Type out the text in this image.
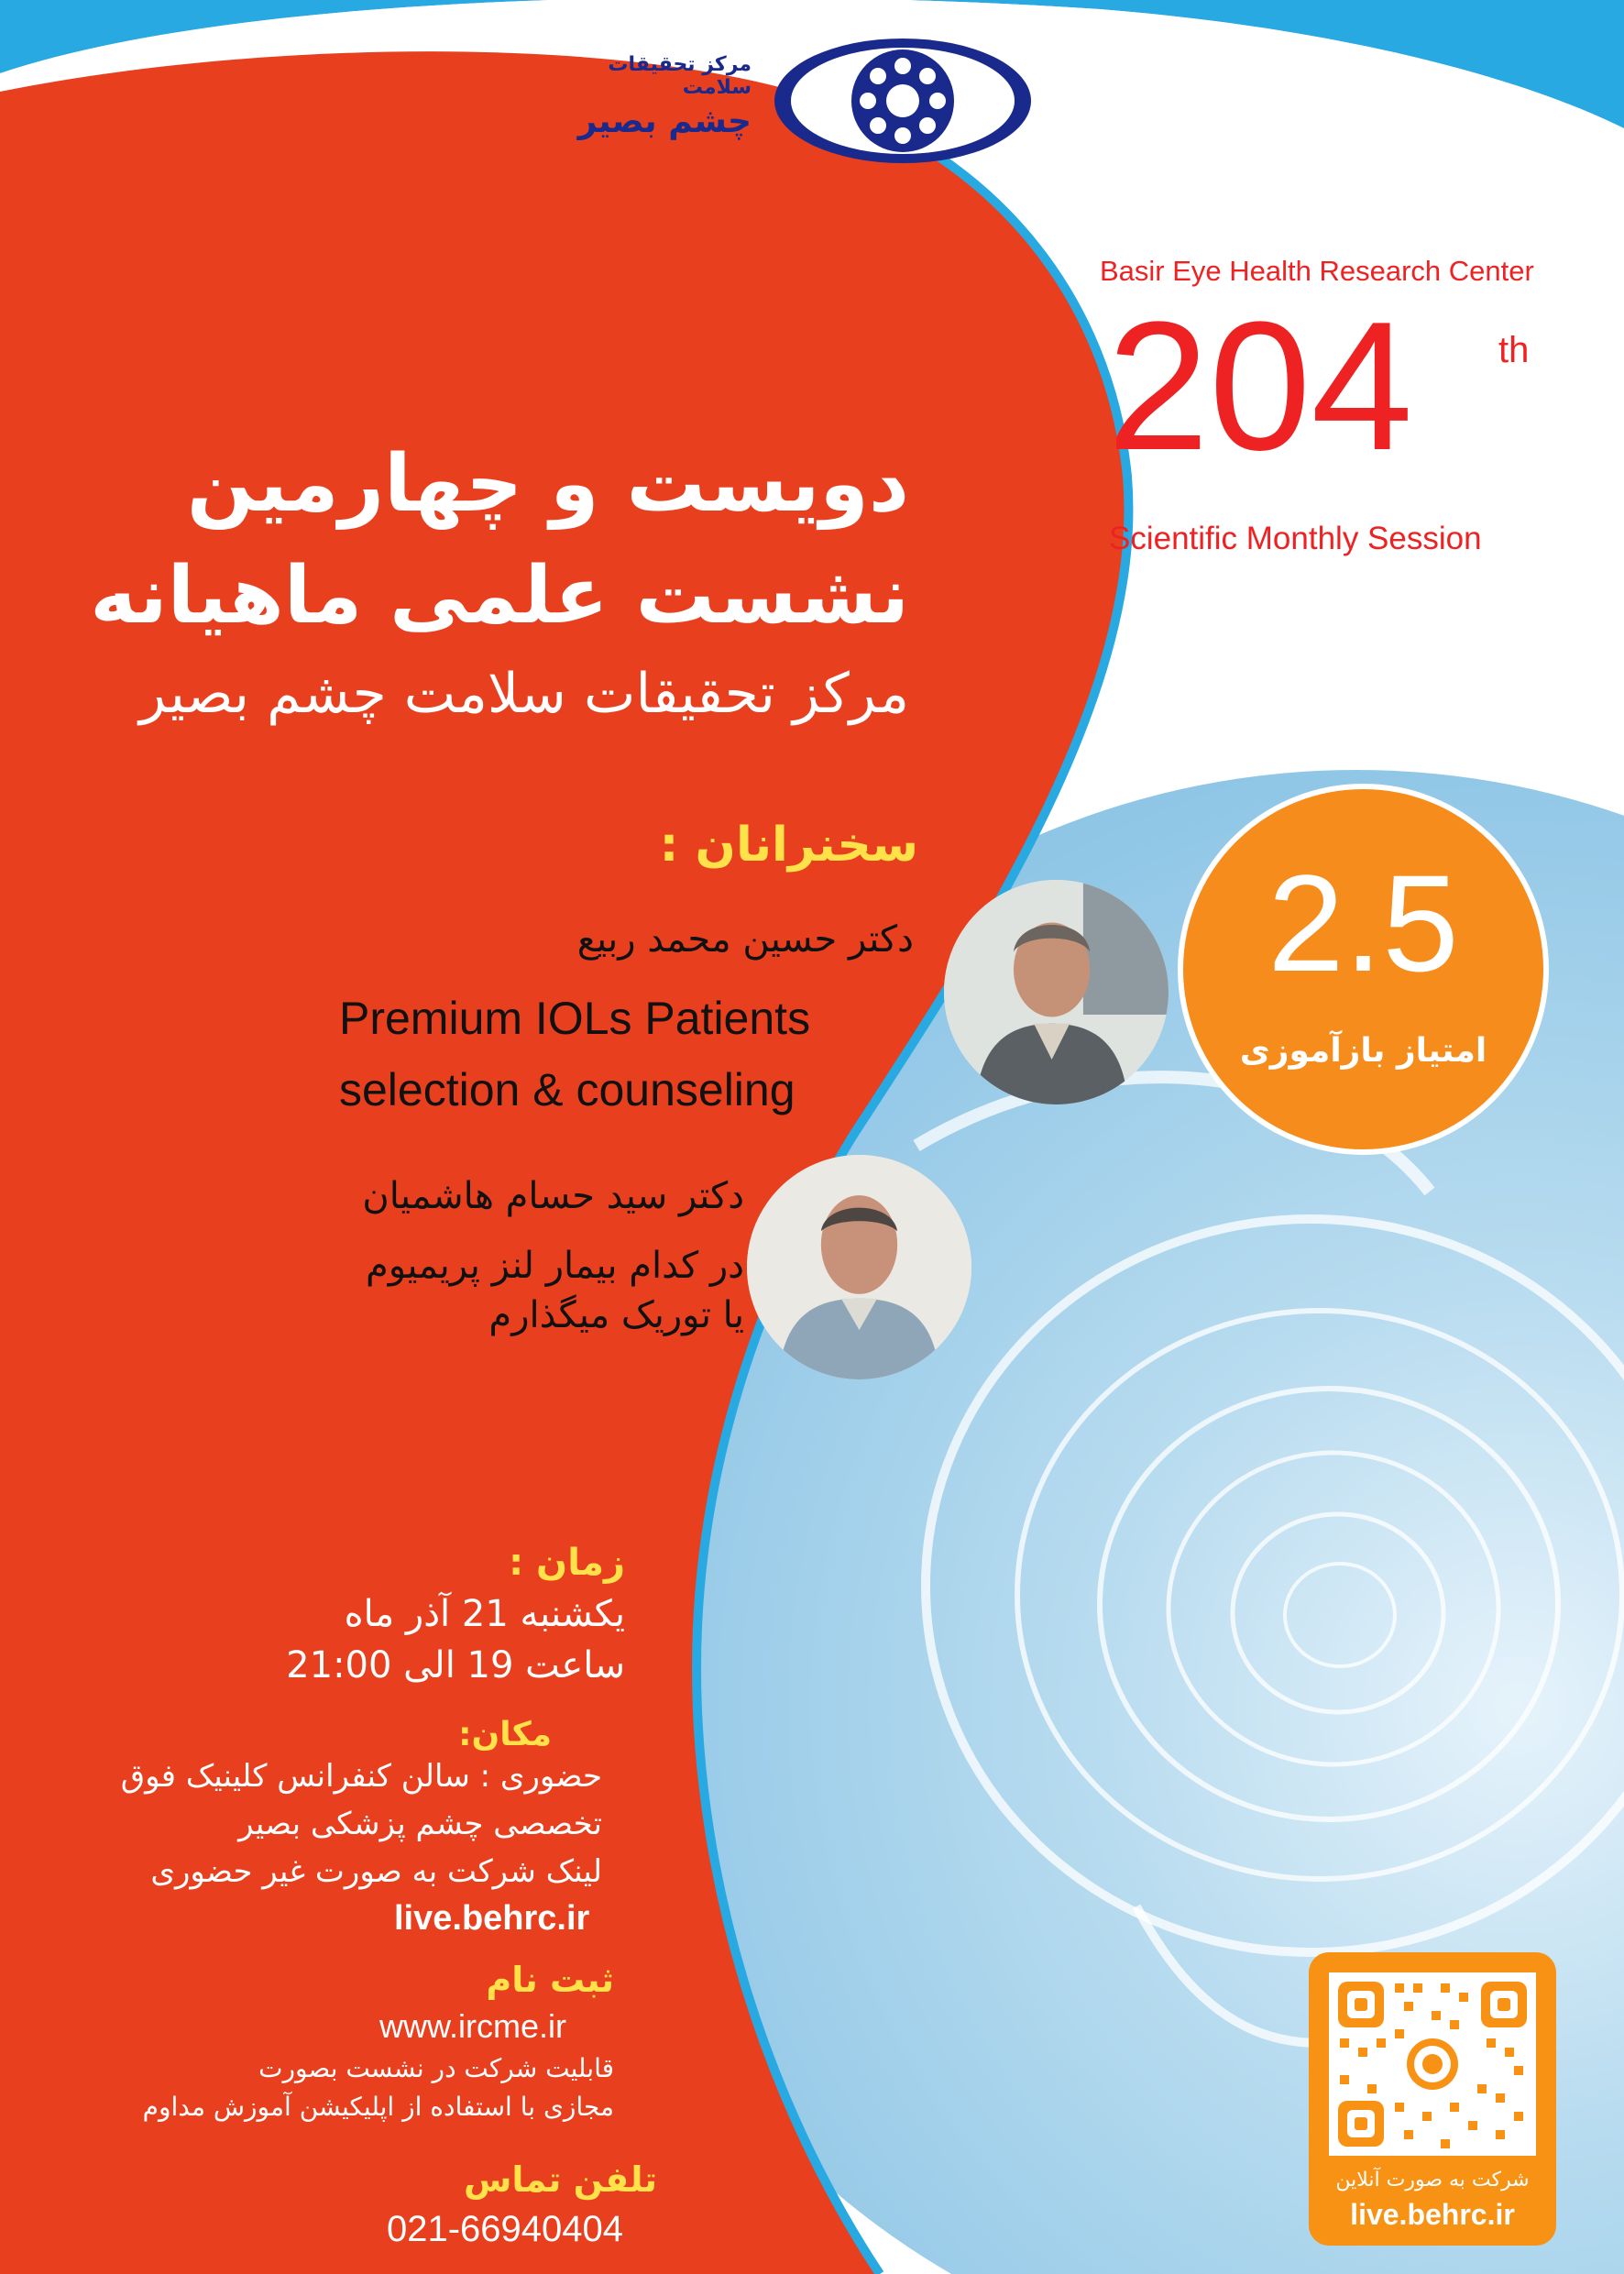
مرکز تحقیقات سلامت
چشم بصیر
Basir Eye Health Research Center
204 th
Scientific Monthly Session
دویست و چهارمین
نشست علمی ماهیانه
مرکز تحقیقات سلامت چشم بصیر
2.5
امتیاز بازآموزی
سخنرانان :
دکتر حسین محمد ربیع
Premium IOLs Patients
selection & counseling
دکتر سید حسام هاشمیان
در کدام بیمار لنز پریمیوم
یا توریک میگذارم
زمان :
یکشنبه 21 آذر ماه
ساعت 19 الی 21:00
مکان:
حضوری : سالن کنفرانس کلینیک فوق
تخصصی چشم پزشکی بصیر
لینک شرکت به صورت غیر حضوری
live.behrc.ir
ثبت نام
www.ircme.ir
قابلیت شرکت در نشست بصورت
مجازی با استفاده از اپلیکیشن آموزش مداوم
تلفن تماس
021-66940404
شرکت به صورت آنلاین
live.behrc.ir
